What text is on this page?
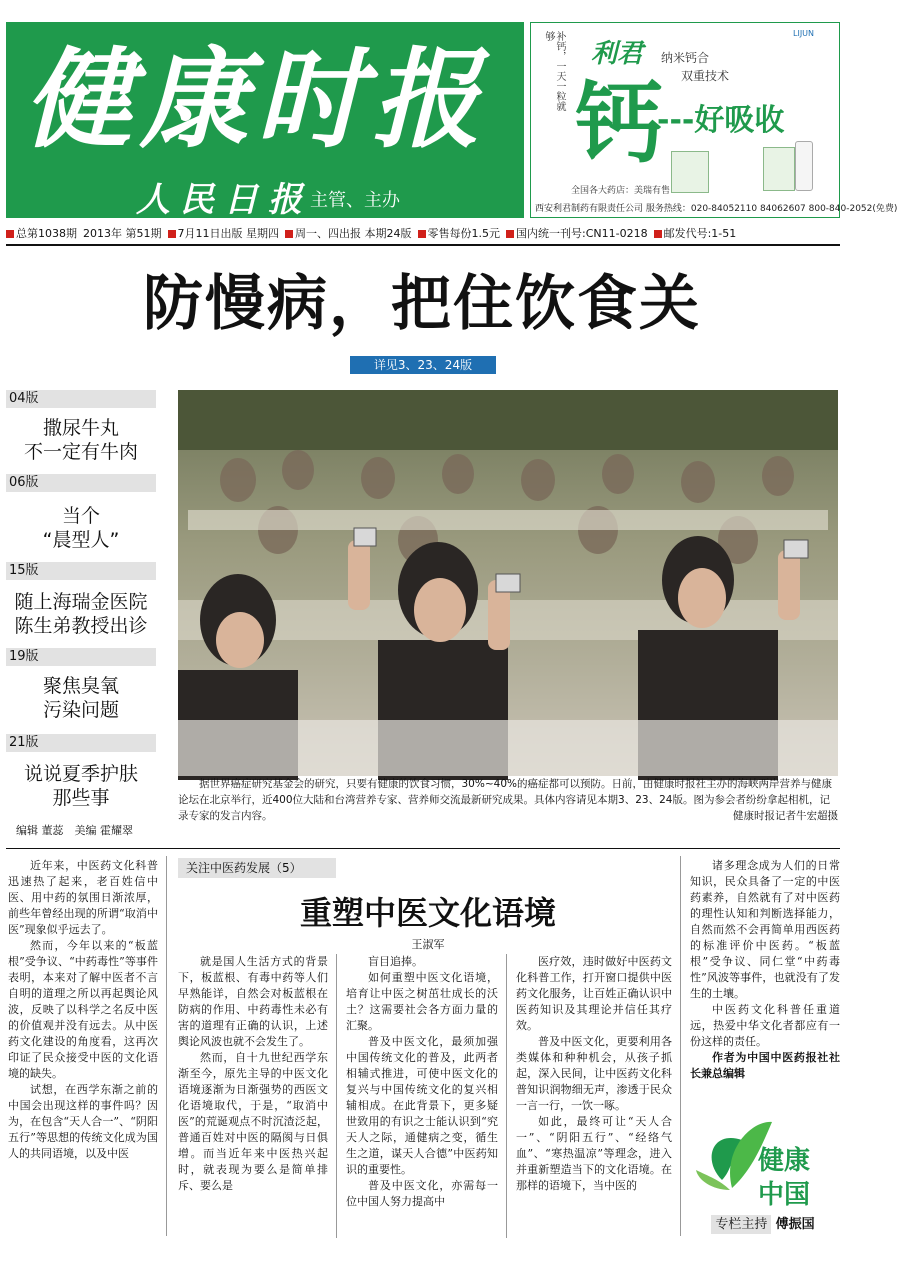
健康时报
人民日报
主管、主办
补钙，一天一粒就够
利君
钙
纳米钙合
双重技术
---好吸收
LIJUN
全国各大药店：美瑞有售
西安利君制药有限责任公司 服务热线：020-84052110 84062607 800-840-2052(免费)
总第1038期 2013年 第51期	7月11日出版 星期四	周一、四出报 本期24版	零售每份1.5元	国内统一刊号:CN11-0218	邮发代号:1-51
防慢病，把住饮食关
详见3、23、24版
04版
撒尿牛丸
不一定有牛肉
06版
当个
“晨型人”
15版
随上海瑞金医院
陈生弟教授出诊
19版
聚焦臭氧
污染问题
21版
说说夏季护肤
那些事
编辑 董蕊　美编 霍耀翠
据世界癌症研究基金会的研究，只要有健康的饮食习惯，30%~40%的癌症都可以预防。日前，由健康时报社主办的海峡两岸营养与健康论坛在北京举行，近400位大陆和台湾营养专家、营养师交流最新研究成果。具体内容请见本期3、23、24版。图为参会者纷纷拿起相机，记录专家的发言内容。	健康时报记者牛宏超摄

近年来，中医药文化科普迅速热了起来，老百姓信中医、用中药的氛围日渐浓厚，前些年曾经出现的所谓“取消中医”现象似乎远去了。

然而，今年以来的“板蓝根”受争议、“中药毒性”等事件表明，本来对了解中医者不言自明的道理之所以再起舆论风波，反映了以科学之名反中医的价值观并没有远去。从中医药文化建设的角度看，这再次印证了民众接受中医的文化语境的缺失。

试想，在西学东渐之前的中国会出现这样的事件吗？因为，在包含“天人合一”、“阴阳五行”等思想的传统文化成为国人的共同语境，以及中医

关注中医药发展（5）
重塑中医文化语境
王淑军

就是国人生活方式的背景下，板蓝根、有毒中药等人们早熟能详，自然会对板蓝根在防病的作用、中药毒性未必有害的道理有正确的认识，上述舆论风波也就不会发生了。

然而，自十九世纪西学东渐至今，原先主导的中医文化语境逐渐为日渐强势的西医文化语境取代，于是，“取消中医”的荒诞观点不时沉渣泛起，普通百姓对中医的隔阂与日俱增。而当近年来中医热兴起时，就表现为要么是简单排斥、要么是

盲目追捧。

如何重塑中医文化语境，培育让中医之树茁壮成长的沃土？这需要社会各方面力量的汇聚。

普及中医文化，最须加强中国传统文化的普及，此两者相辅式推进，可使中医文化的复兴与中国传统文化的复兴相辅相成。在此背景下，更多疑世致用的有识之士能认识到“究天人之际，通健病之变，循生生之道，谋天人合德”中医药知识的重要性。

普及中医文化，亦需每一位中国人努力提高中

医疗效，违时做好中医药文化科普工作，打开窗口提供中医药文化服务，让百姓正确认识中医药知识及其理论并信任其疗效。

普及中医文化，更要利用各类媒体和种种机会，从孩子抓起，深入民间，让中医药文化科普知识润物细无声，渗透于民众一言一行，一饮一啄。

如此，最终可让“天人合一”、“阴阳五行”、“经络气血”、“寒热温凉”等理念，进入并重新塑造当下的文化语境。在那样的语境下，当中医的

诸多理念成为人们的日常知识，民众具备了一定的中医药素养，自然就有了对中医药的理性认知和判断选择能力，自然而然不会再简单用西医药的标准评价中医药。“板蓝根”受争议、同仁堂“中药毒性”风波等事件，也就没有了发生的土壤。

中医药文化科普任重道远，热爱中华文化者都应有一份这样的责任。

作者为中国中医药报社社长兼总编辑

健康
中国
专栏主持 傅振国
